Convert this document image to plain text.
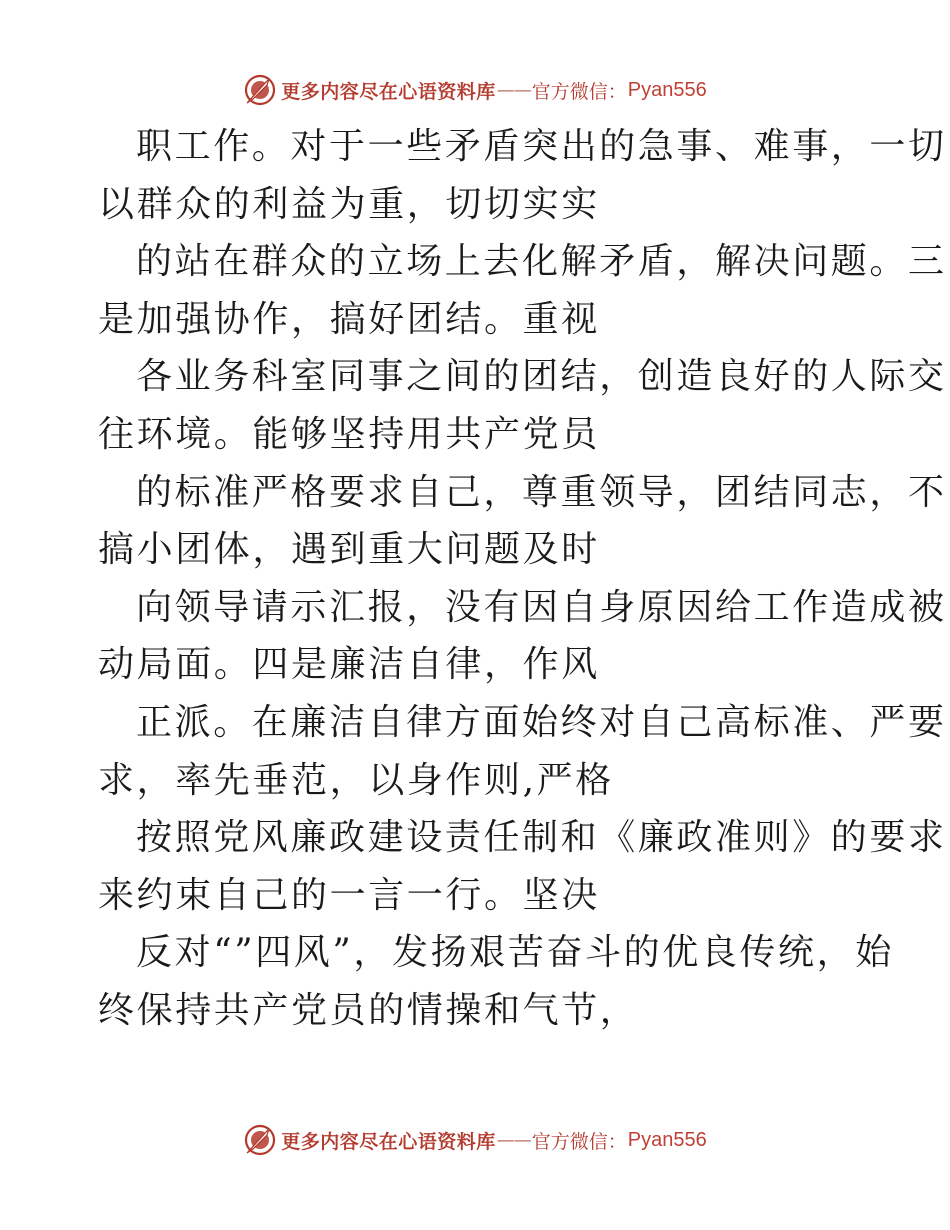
更多内容尽在心语资料库 —— 官方微信： Pyan556

职工作。对于一些矛盾突出的急事、难事，一切
以群众的利益为重，切切实实

的站在群众的立场上去化解矛盾，解决问题。三
是加强协作，搞好团结。重视

各业务科室同事之间的团结，创造良好的人际交
往环境。能够坚持用共产党员

的标准严格要求自己，尊重领导，团结同志，不
搞小团体，遇到重大问题及时

向领导请示汇报，没有因自身原因给工作造成被
动局面。四是廉洁自律，作风

正派。在廉洁自律方面始终对自己高标准、严要
求，率先垂范，以身作则,严格

按照党风廉政建设责任制和《廉政准则》的要求
来约束自己的一言一行。坚决

反对“”四风”，发扬艰苦奋斗的优良传统，始
终保持共产党员的情操和气节，

更多内容尽在心语资料库 —— 官方微信： Pyan556
